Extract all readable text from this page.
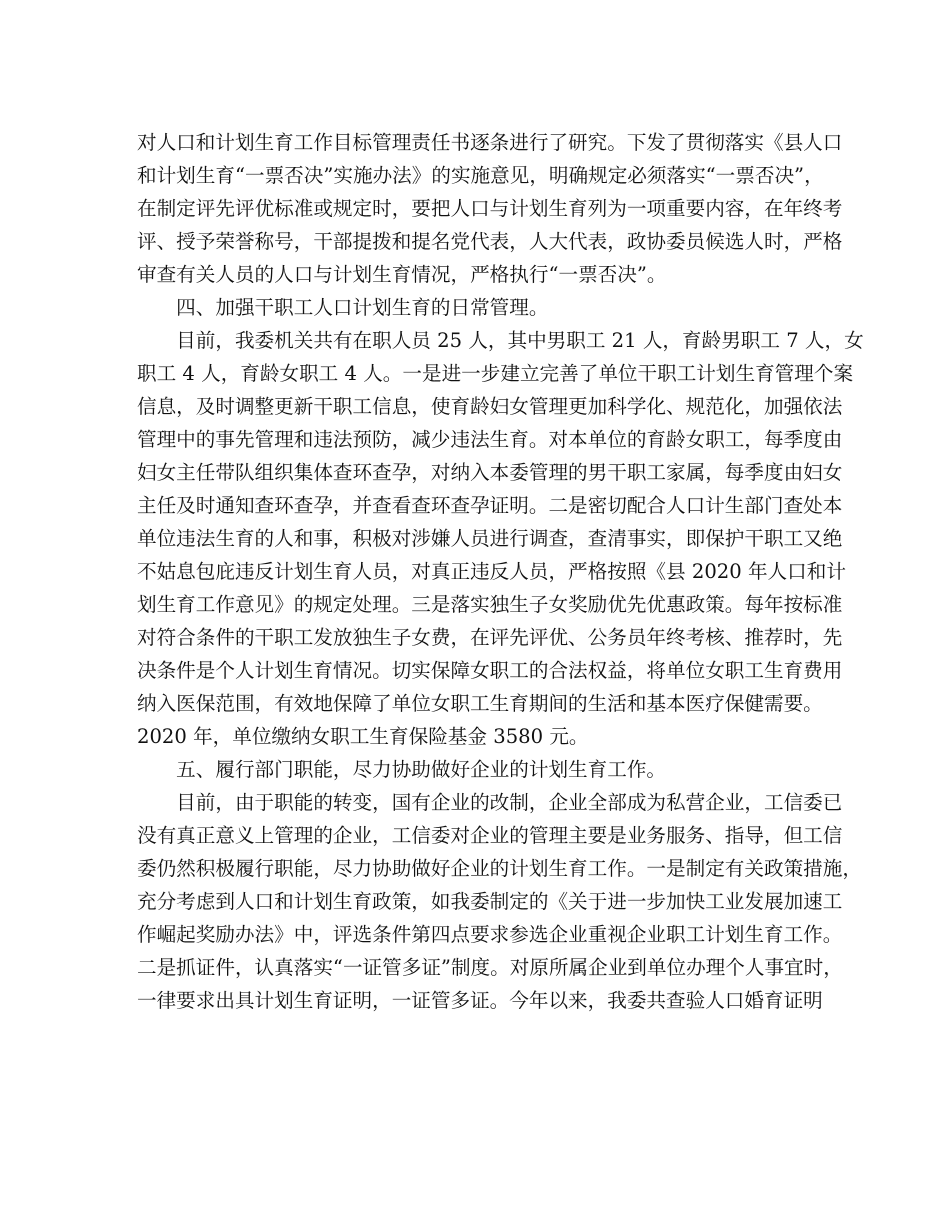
对人口和计划生育工作目标管理责任书逐条进行了研究。下发了贯彻落实《县人口
和计划生育“一票否决”实施办法》的实施意见，明确规定必须落实“一票否决”，
在制定评先评优标准或规定时，要把人口与计划生育列为一项重要内容，在年终考
评、授予荣誉称号，干部提拨和提名党代表，人大代表，政协委员候选人时，严格
审查有关人员的人口与计划生育情况，严格执行“一票否决”。
　　四、加强干职工人口计划生育的日常管理。
　　目前，我委机关共有在职人员 25 人，其中男职工 21 人，育龄男职工 7 人，女
职工 4 人，育龄女职工 4 人。一是进一步建立完善了单位干职工计划生育管理个案
信息，及时调整更新干职工信息，使育龄妇女管理更加科学化、规范化，加强依法
管理中的事先管理和违法预防，减少违法生育。对本单位的育龄女职工，每季度由
妇女主任带队组织集体查环查孕，对纳入本委管理的男干职工家属，每季度由妇女
主任及时通知查环查孕，并查看查环查孕证明。二是密切配合人口计生部门查处本
单位违法生育的人和事，积极对涉嫌人员进行调查，查清事实，即保护干职工又绝
不姑息包庇违反计划生育人员，对真正违反人员，严格按照《县 2020 年人口和计
划生育工作意见》的规定处理。三是落实独生子女奖励优先优惠政策。每年按标准
对符合条件的干职工发放独生子女费，在评先评优、公务员年终考核、推荐时，先
决条件是个人计划生育情况。切实保障女职工的合法权益，将单位女职工生育费用
纳入医保范围，有效地保障了单位女职工生育期间的生活和基本医疗保健需要。
2020 年，单位缴纳女职工生育保险基金 3580 元。
　　五、履行部门职能，尽力协助做好企业的计划生育工作。
　　目前，由于职能的转变，国有企业的改制，企业全部成为私营企业，工信委已
没有真正意义上管理的企业，工信委对企业的管理主要是业务服务、指导，但工信
委仍然积极履行职能，尽力协助做好企业的计划生育工作。一是制定有关政策措施，
充分考虑到人口和计划生育政策，如我委制定的《关于进一步加快工业发展加速工
作崛起奖励办法》中，评选条件第四点要求参选企业重视企业职工计划生育工作。
二是抓证件，认真落实“一证管多证”制度。对原所属企业到单位办理个人事宜时，
一律要求出具计划生育证明，一证管多证。今年以来，我委共查验人口婚育证明
